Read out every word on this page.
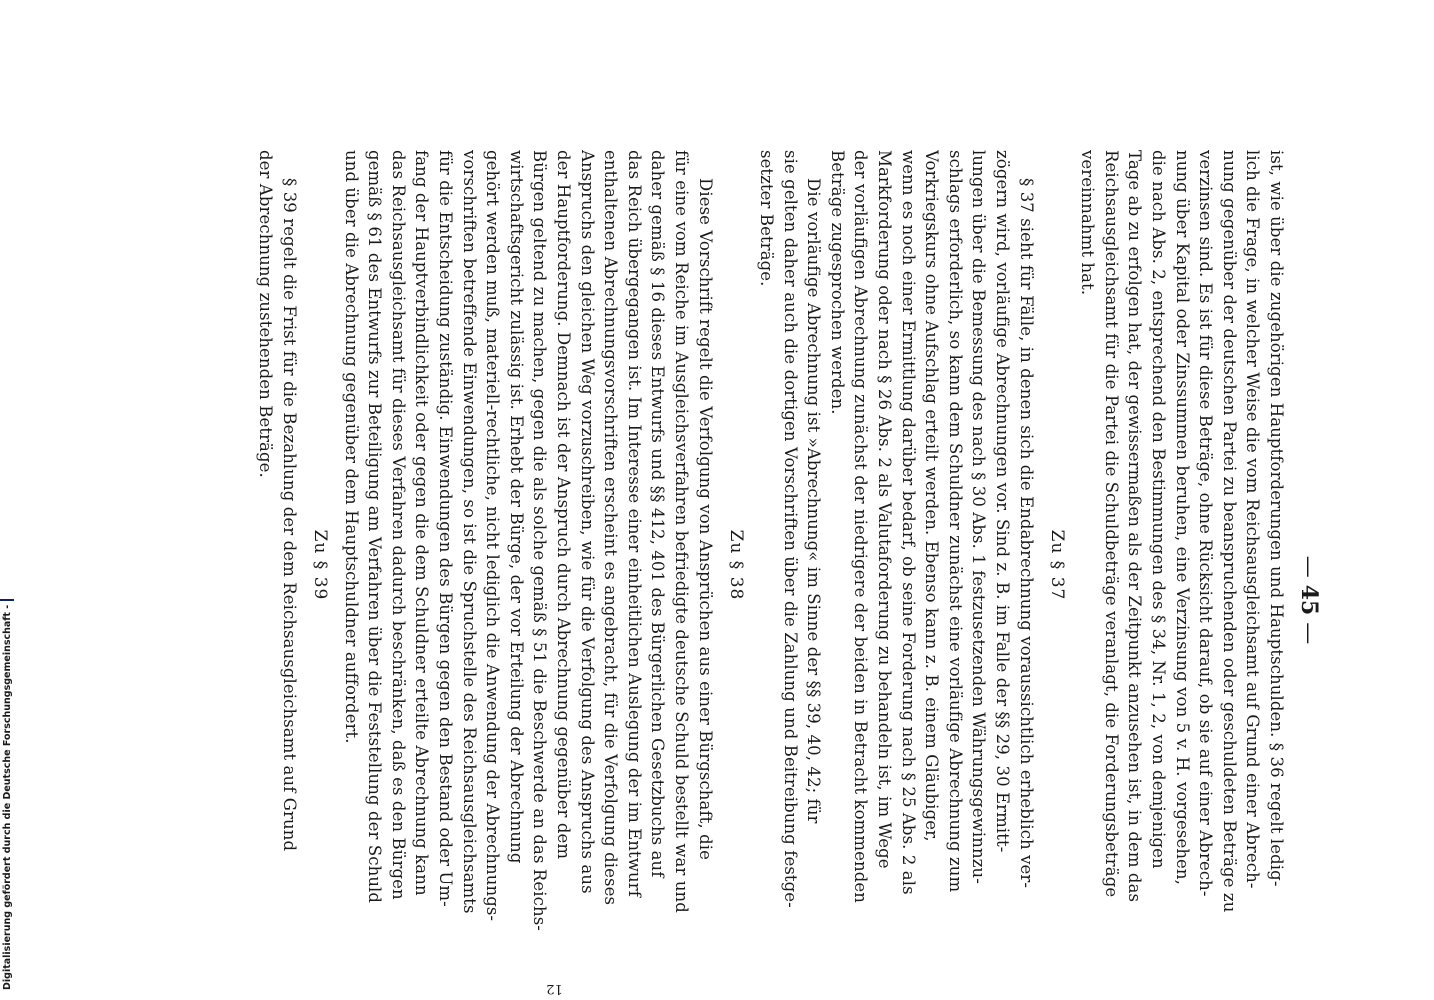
— 45 —
ist, wie über die zugehörigen Hauptforderungen und Hauptschulden. § 36 regelt ledig-
lich die Frage, in welcher Weise die vom Reichsausgleichsamt auf Grund einer Abrech-
nung gegenüber der deutschen Partei zu beanspruchenden oder geschuldeten Beträge zu
verzinsen sind. Es ist für diese Beträge, ohne Rücksicht darauf, ob sie auf einer Abrech-
nung über Kapital oder Zinssummen beruhen, eine Verzinsung von 5 v. H. vorgesehen,
die nach Abs. 2, entsprechend den Bestimmungen des § 34, Nr. 1, 2, von demjenigen
Tage ab zu erfolgen hat, der gewissermaßen als der Zeitpunkt anzusehen ist, in dem das
Reichsausgleichsamt für die Partei die Schuldbeträge veranlagt, die Forderungsbeträge
vereinnahmt hat.
Zu § 37
§ 37 sieht für Fälle, in denen sich die Endabrechnung voraussichtlich erheblich ver-
zögern wird, vorläufige Abrechnungen vor. Sind z. B. im Falle der §§ 29, 30 Ermitt-
lungen über die Bemessung des nach § 30 Abs. 1 festzusetzenden Währungsgewinnzu-
schlags erforderlich, so kann dem Schuldner zunächst eine vorläufige Abrechnung zum
Vorkriegskurs ohne Aufschlag erteilt werden. Ebenso kann z. B. einem Gläubiger,
wenn es noch einer Ermittlung darüber bedarf, ob seine Forderung nach § 25 Abs. 2 als
Markforderung oder nach § 26 Abs. 2 als Valutaforderung zu behandeln ist, im Wege
der vorläufigen Abrechnung zunächst der niedrigere der beiden in Betracht kommenden
Beträge zugesprochen werden.
Die vorläufige Abrechnung ist »Abrechnung« im Sinne der §§ 39, 40, 42; für
sie gelten daher auch die dortigen Vorschriften über die Zahlung und Beitreibung festge-
setzter Beträge.
Zu § 38
Diese Vorschrift regelt die Verfolgung von Ansprüchen aus einer Bürgschaft, die
für eine vom Reiche im Ausgleichsverfahren befriedigte deutsche Schuld bestellt war und
daher gemäß § 16 dieses Entwurfs und §§ 412, 401 des Bürgerlichen Gesetzbuchs auf
das Reich übergegangen ist. Im Interesse einer einheitlichen Auslegung der im Entwurf
enthaltenen Abrechnungsvorschriften erscheint es angebracht, für die Verfolgung dieses
Anspruchs den gleichen Weg vorzuschreiben, wie für die Verfolgung des Anspruchs aus
der Hauptforderung. Demnach ist der Anspruch durch Abrechnung gegenüber dem
Bürgen geltend zu machen, gegen die als solche gemäß § 51 die Beschwerde an das Reichs-
wirtschaftsgericht zulässig ist. Erhebt der Bürge, der vor Erteilung der Abrechnung
gehört werden muß, materiell-rechtliche, nicht lediglich die Anwendung der Abrechnungs-
vorschriften betreffende Einwendungen, so ist die Spruchstelle des Reichsausgleichsamts
für die Entscheidung zuständig. Einwendungen des Bürgen gegen den Bestand oder Um-
fang der Hauptverbindlichkeit oder gegen die dem Schuldner erteilte Abrechnung kann
das Reichsausgleichsamt für dieses Verfahren dadurch beschränken, daß es den Bürgen
gemäß § 61 des Entwurfs zur Beteiligung am Verfahren über die Feststellung der Schuld
und über die Abrechnung gegenüber dem Hauptschuldner auffordert.
Zu § 39
§ 39 regelt die Frist für die Bezahlung der dem Reichsausgleichsamt auf Grund
der Abrechnung zustehenden Beträge.
12
Digitalisierung gefördert durch die Deutsche Forschungsgemeinschaft -
